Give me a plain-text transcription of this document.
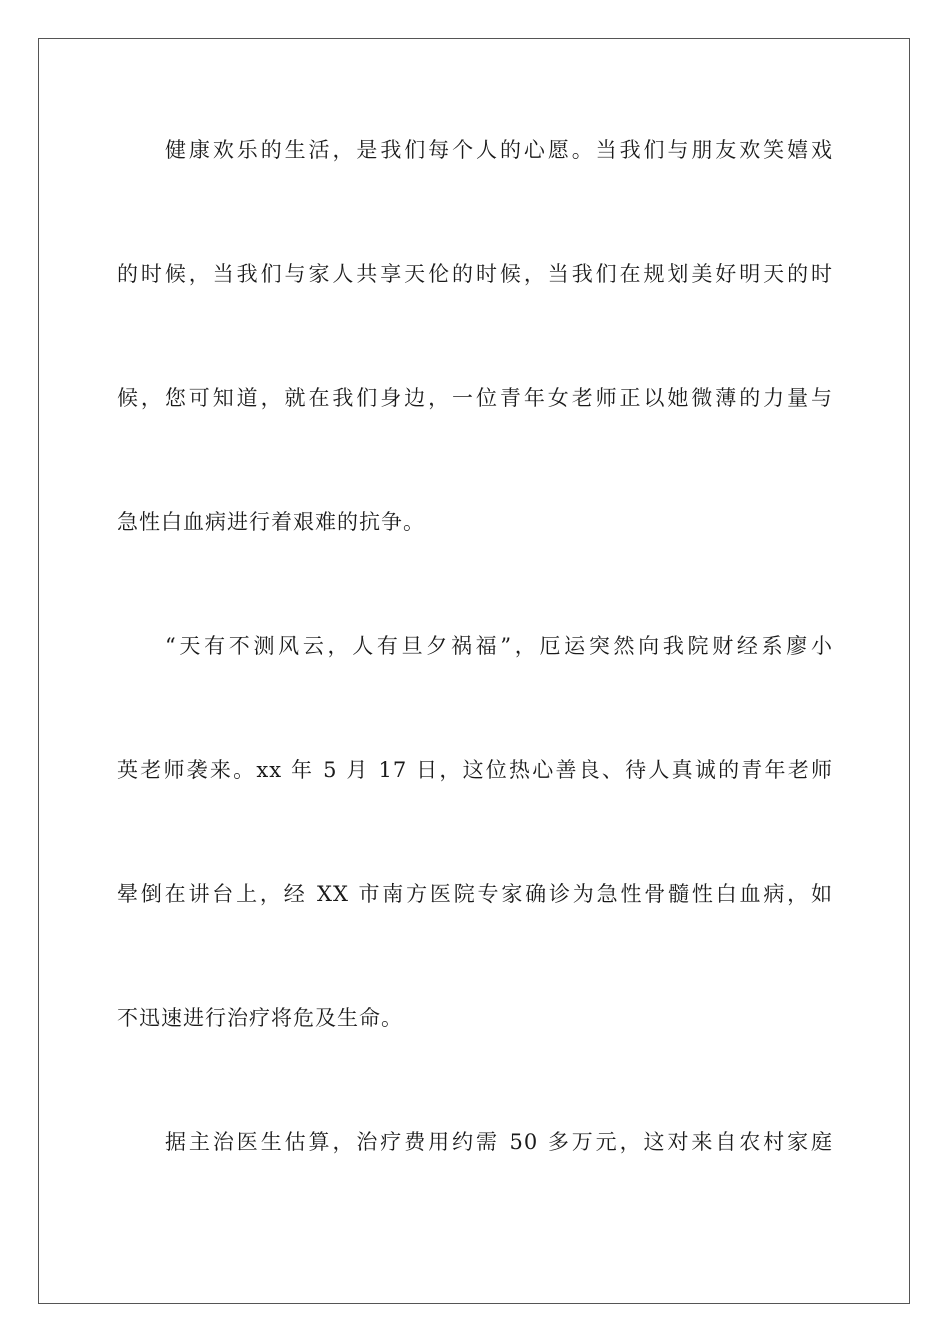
健康欢乐的生活，是我们每个人的心愿。当我们与朋友欢笑嬉戏

的时候，当我们与家人共享天伦的时候，当我们在规划美好明天的时

候，您可知道，就在我们身边，一位青年女老师正以她微薄的力量与

急性白血病进行着艰难的抗争。

“天有不测风云，人有旦夕祸福”，厄运突然向我院财经系廖小

英老师袭来。xx 年 5 月 17 日，这位热心善良、待人真诚的青年老师

晕倒在讲台上，经 XX 市南方医院专家确诊为急性骨髓性白血病，如

不迅速进行治疗将危及生命。

据主治医生估算，治疗费用约需 50 多万元，这对来自农村家庭
